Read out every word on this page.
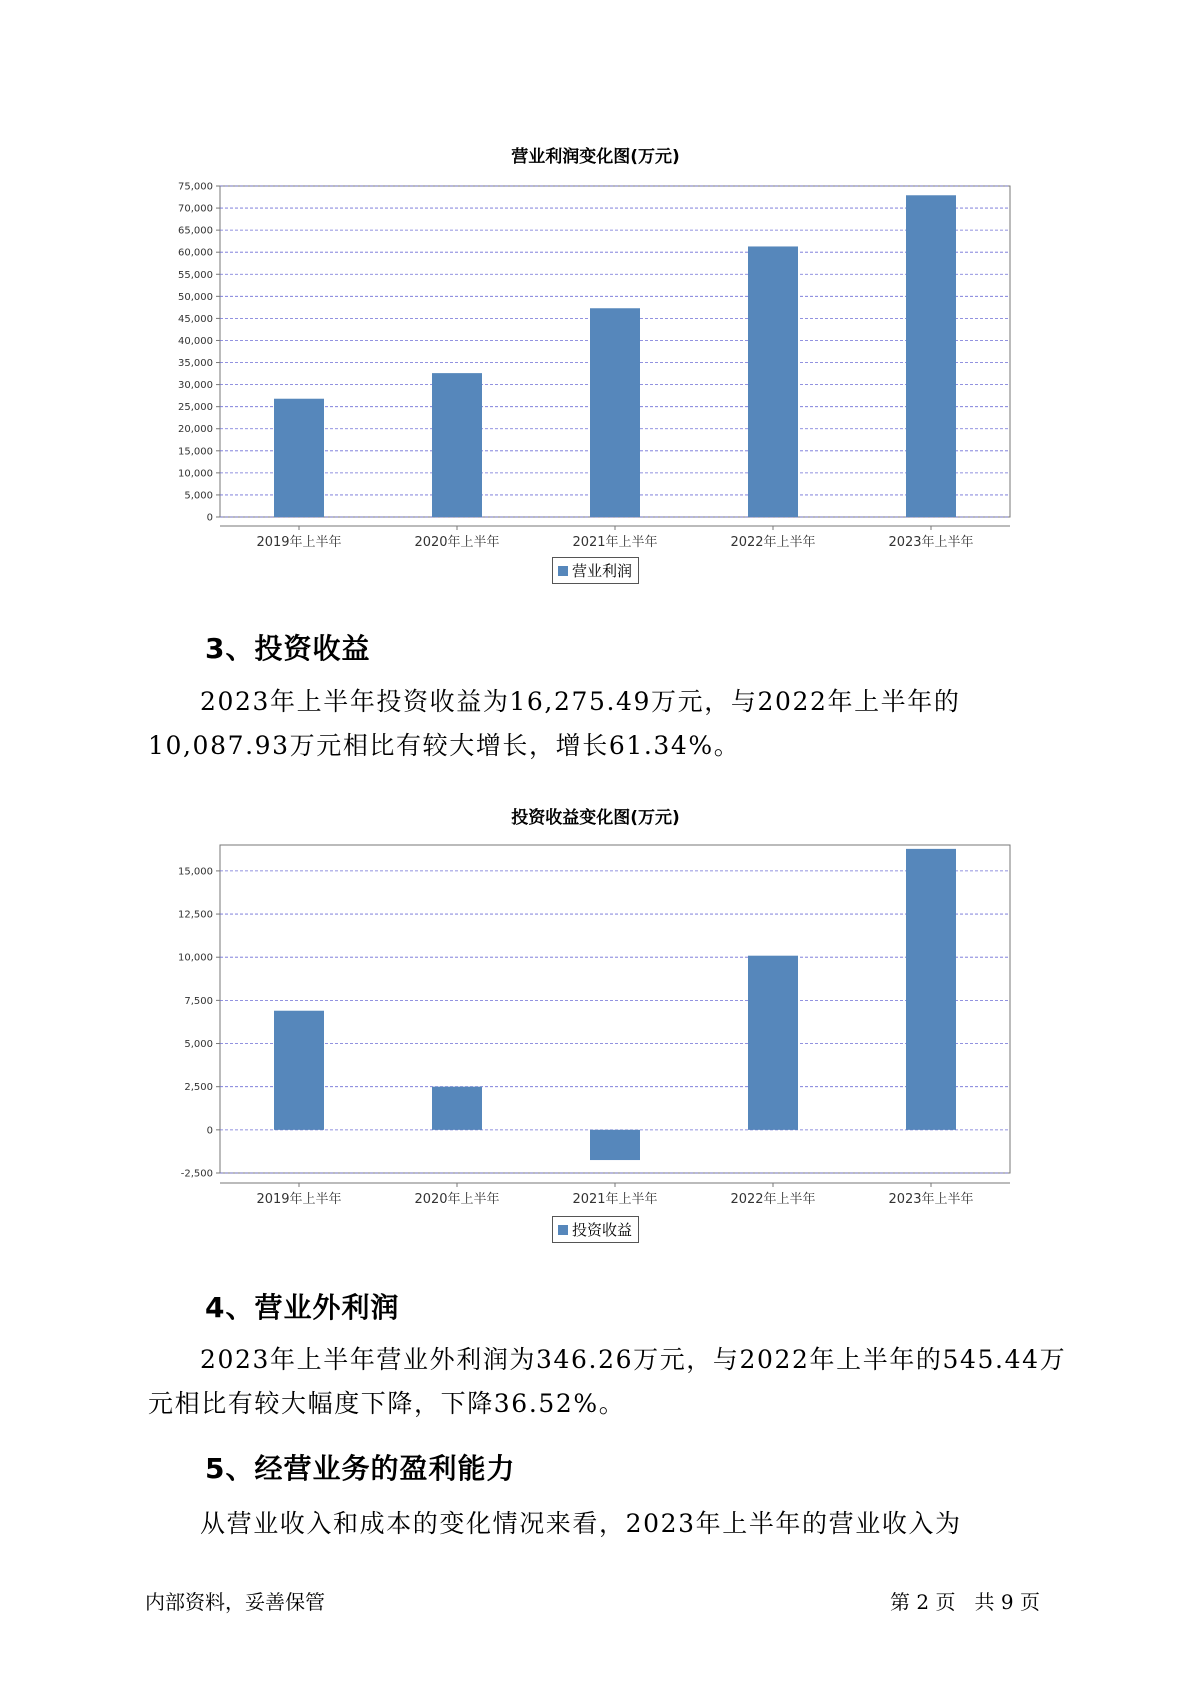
营业利润变化图(万元)
0
5,000
10,000
15,000
20,000
25,000
30,000
35,000
40,000
45,000
50,000
55,000
60,000
65,000
70,000
75,000
2019年上半年	2020年上半年	2021年上半年	2022年上半年	2023年上半年
营业利润
3、投资收益

2023年上半年投资收益为16,275.49万元，与2022年上半年的10,087.93万元相比有较大增长，增长61.34%。

投资收益变化图(万元)
-2,500
0
2,500
5,000
7,500
10,000
12,500
15,000
2019年上半年	2020年上半年	2021年上半年	2022年上半年	2023年上半年
投资收益
4、营业外利润

2023年上半年营业外利润为346.26万元，与2022年上半年的545.44万元相比有较大幅度下降，下降36.52%。

5、经营业务的盈利能力

从营业收入和成本的变化情况来看，2023年上半年的营业收入为

内部资料，妥善保管	第 2 页   共 9 页
